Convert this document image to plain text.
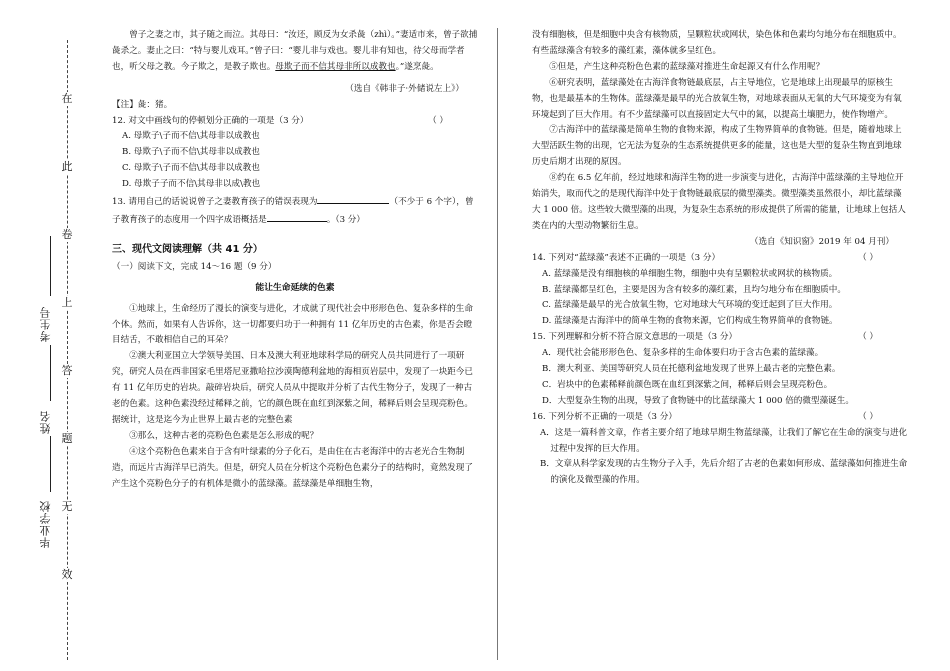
在
此
卷
上
答
题
无
效
考生号
姓名
毕业学校

曾子之妻之市，其子随之而泣。其母曰：“汝还，顾反为女杀彘（zhì）。”妻适市来，曾子欲捕彘杀之。妻止之曰：“特与婴儿戏耳。”曾子曰：“婴儿非与戏也。婴儿非有知也，待父母而学者也，听父母之教。今子欺之，是教子欺也。母欺子而不信其母非所以成教也。”遂烹彘。

（选自《韩非子·外储说左上》）

【注】彘：猪。

12. 对文中画线句的停顿划分正确的一项是（3 分）	（ ）

A. 母欺子\子而不信\其母非以成教也

B. 母欺子\子而不信\其母非以成教也

C. 母欺子\子而不信\其母非以成教也

D. 母欺子子而不信\其母非以成\教也

13. 请用自己的话说说曾子之妻教育孩子的错误表现为	（不少于 6 个字），曾子教育孩子的态度用一个四字成语概括是	。（3 分）

三、现代文阅读理解（共 41 分）

（一）阅读下文，完成 14～16 题（9 分）

能让生命延续的色素

①地球上，生命经历了漫长的演变与进化，才成就了现代社会中形形色色、复杂多样的生命个体。然而，如果有人告诉你，这一切都要归功于一种拥有 11 亿年历史的古色素，你是否会瞪目结舌，不敢相信自己的耳朵？

②澳大利亚国立大学领导美国、日本及澳大利亚地球科学局的研究人员共同进行了一项研究，研究人员在西非国家毛里塔尼亚撒哈拉沙漠陶德利盆地的海相页岩层中，发现了一块距今已有 11 亿年历史的岩块。敲碎岩块后，研究人员从中提取并分析了古代生物分子，发现了一种古老的色素。这种色素没经过稀释之前，它的颜色既在血红到深紫之间，稀释后则会呈现亮粉色。据统计，这是迄今为止世界上最古老的完整色素

③那么，这种古老的亮粉色色素是怎么形成的呢？

④这个亮粉色色素来自于含有叶绿素的分子化石，是由住在古老海洋中的古老光合生物制造，而远片古海洋早已消失。但是，研究人员在分析这个亮粉色色素分子的结构时，竟然发现了产生这个亮粉色分子的有机体是微小的蓝绿藻。蓝绿藻是单细胞生物，

没有细胞核，但是细胞中央含有核物质，呈颗粒状或网状，染色体和色素均匀地分布在细胞质中。有些蓝绿藻含有较多的藻红素，藻体就多呈红色。

⑤但是，产生这种亮粉色色素的蓝绿藻对推进生命起源又有什么作用呢？

⑥研究表明，蓝绿藻处在古海洋食物链最底层，占主导地位，它是地球上出现最早的原核生物，也是最基本的生物体。蓝绿藻是最早的光合放氧生物，对地球表面从无氧的大气环境变为有氧环境起到了巨大作用。有不少蓝绿藻可以直接固定大气中的氮，以提高土壤肥力，使作物增产。

⑦古海洋中的蓝绿藻是简单生物的食物来源，构成了生物界简单的食物链。但是，随着地球上大型活跃生物的出现，它无法为复杂的生态系统提供更多的能量，这也是大型的复杂生物直到地球历史后期才出现的原因。

⑧约在 6.5 亿年前，经过地球和海洋生物的进一步演变与进化，古海洋中蓝绿藻的主导地位开始消失，取而代之的是现代海洋中处于食物链最底层的微型藻类。微型藻类虽然很小，却比蓝绿藻大 1 000 倍。这些较大微型藻的出现，为复杂生态系统的形成提供了所需的能量，让地球上包括人类在内的大型动物繁衍生息。

（选自《知识窗》2019 年 04 月刊）

14. 下列对“蓝绿藻”表述不正确的一项是（3 分）	（ ）

A. 蓝绿藻是没有细胞核的单细胞生物，细胞中央有呈颗粒状或网状的核物质。

B. 蓝绿藻都呈红色，主要是因为含有较多的藻红素，且均匀地分布在细胞质中。

C. 蓝绿藻是最早的光合放氧生物，它对地球大气环境的变迁起到了巨大作用。

D. 蓝绿藻是古海洋中的简单生物的食物来源，它们构成生物界简单的食物链。

15. 下列理解和分析不符合原文意思的一项是（3 分）	（ ）

A．现代社会能形形色色、复杂多样的生命体要归功于含古色素的蓝绿藻。

B．澳大利亚、美国等研究人员在托德利盆地发现了世界上最古老的完整色素。

C．岩块中的色素稀释前颜色既在血红到深紫之间，稀释后则会呈现亮粉色。

D．大型复杂生物的出现，导致了食物链中的比蓝绿藻大 1 000 倍的微型藻诞生。

16. 下列分析不正确的一项是（3 分）	（ ）

A．这是一篇科普文章，作者主要介绍了地球早期生物蓝绿藻，让我们了解它在生命的演变与进化过程中发挥的巨大作用。

B．文章从科学家发现的古生物分子入手，先后介绍了古老的色素如何形成、蓝绿藻如何推进生命的演化及微型藻的作用。
